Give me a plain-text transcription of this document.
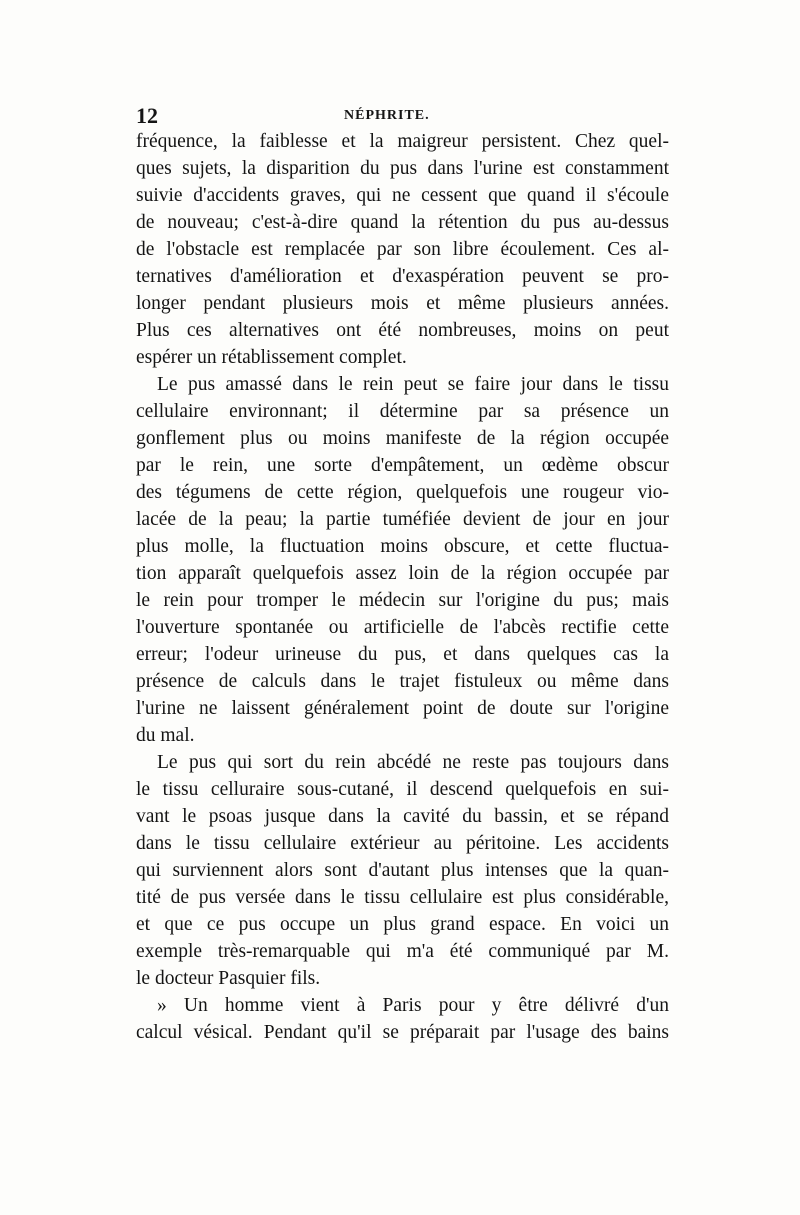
12	NÉPHRITE.
fréquence, la faiblesse et la maigreur persistent. Chez quel-
ques sujets, la disparition du pus dans l'urine est constamment
suivie d'accidents graves, qui ne cessent que quand il s'écoule
de nouveau; c'est-à-dire quand la rétention du pus au-dessus
de l'obstacle est remplacée par son libre écoulement. Ces al-
ternatives d'amélioration et d'exaspération peuvent se pro-
longer pendant plusieurs mois et même plusieurs années.
Plus ces alternatives ont été nombreuses, moins on peut
espérer un rétablissement complet.
Le pus amassé dans le rein peut se faire jour dans le tissu
cellulaire environnant; il détermine par sa présence un
gonflement plus ou moins manifeste de la région occupée
par le rein, une sorte d'empâtement, un œdème obscur
des tégumens de cette région, quelquefois une rougeur vio-
lacée de la peau; la partie tuméfiée devient de jour en jour
plus molle, la fluctuation moins obscure, et cette fluctua-
tion apparaît quelquefois assez loin de la région occupée par
le rein pour tromper le médecin sur l'origine du pus; mais
l'ouverture spontanée ou artificielle de l'abcès rectifie cette
erreur; l'odeur urineuse du pus, et dans quelques cas la
présence de calculs dans le trajet fistuleux ou même dans
l'urine ne laissent généralement point de doute sur l'origine
du mal.
Le pus qui sort du rein abcédé ne reste pas toujours dans
le tissu celluraire sous-cutané, il descend quelquefois en sui-
vant le psoas jusque dans la cavité du bassin, et se répand
dans le tissu cellulaire extérieur au péritoine. Les accidents
qui surviennent alors sont d'autant plus intenses que la quan-
tité de pus versée dans le tissu cellulaire est plus considérable,
et que ce pus occupe un plus grand espace. En voici un
exemple très-remarquable qui m'a été communiqué par M.
le docteur Pasquier fils.
» Un homme vient à Paris pour y être délivré d'un
calcul vésical. Pendant qu'il se préparait par l'usage des bains
